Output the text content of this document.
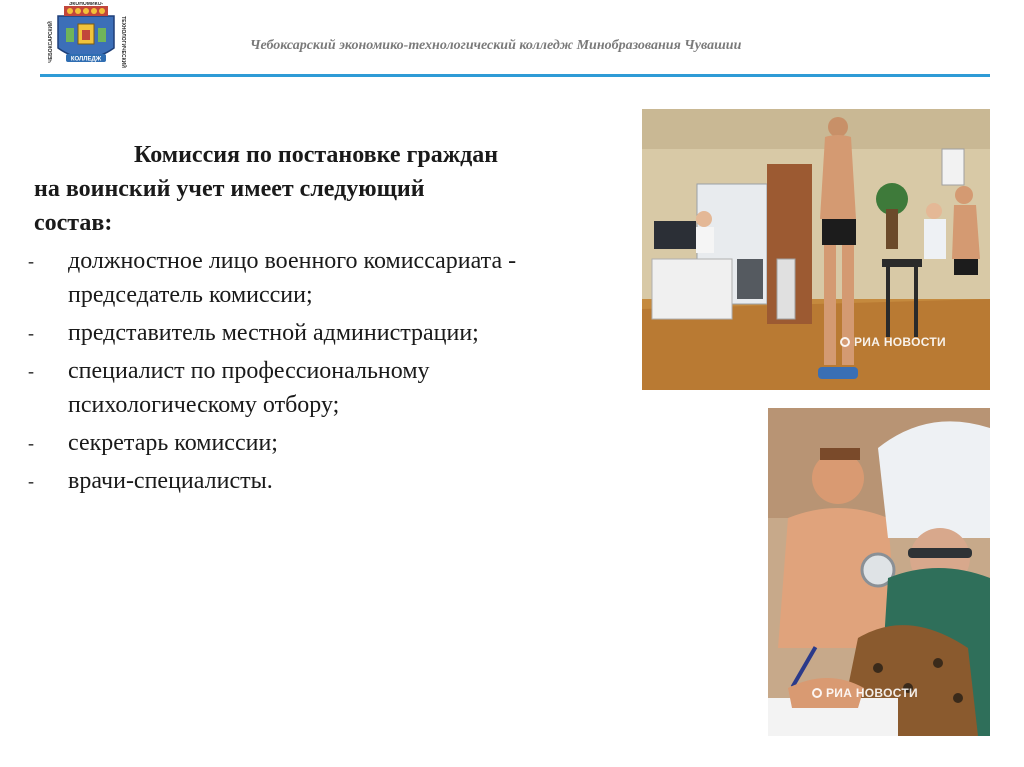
КОЛЛЕДЖ
ЧЕБОКСАРСКИЙ
ЭКОНОМИКО-
ТЕХНОЛОГИЧЕСКИЙ	Чебоксарский экономико-технологический колледж Минобразования Чувашии
Комиссия по постановке граждан
на воинский учет имеет следующий
состав:
- должностное лицо военного комиссариата - председатель комиссии;
- представитель местной администрации;
- специалист по профессиональному психологическому отбору;
- секретарь комиссии;
- врачи-специалисты.
РИА НОВОСТИ
РИА НОВОСТИ
